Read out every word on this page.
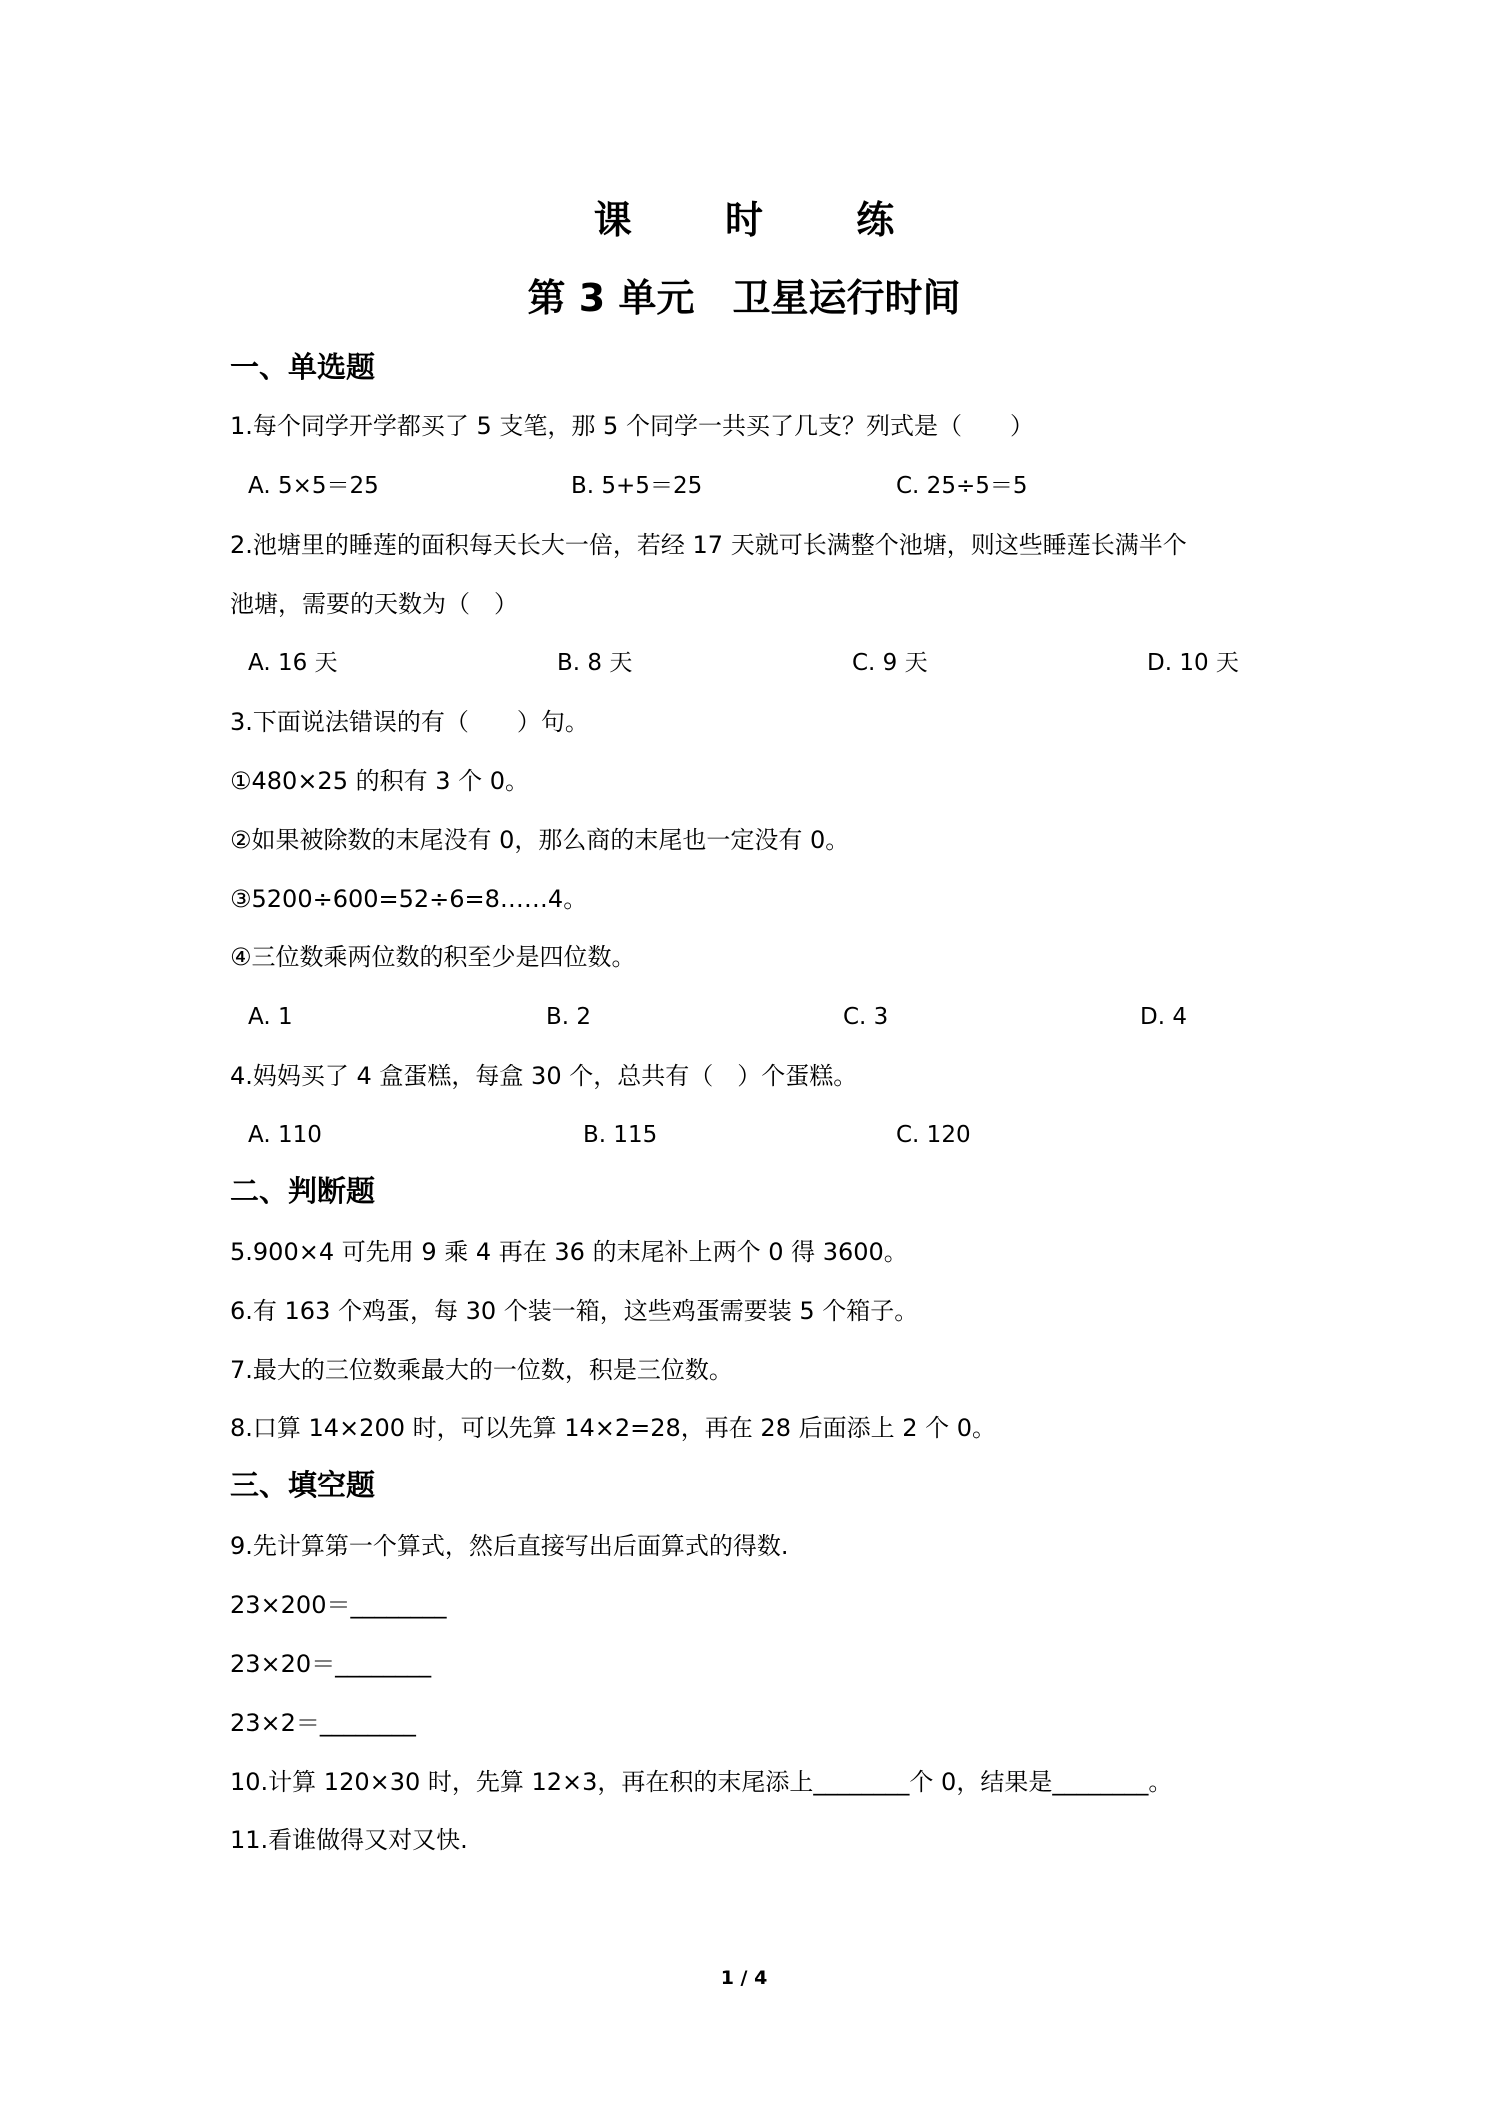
课 时 练
第 3 单元　卫星运行时间
一、单选题
1.每个同学开学都买了 5 支笔，那 5 个同学一共买了几支？列式是（　　）
A. 5×5＝25	B. 5+5＝25	C. 25÷5＝5
2.池塘里的睡莲的面积每天长大一倍，若经 17 天就可长满整个池塘，则这些睡莲长满半个
池塘，需要的天数为（　）
A. 16 天	B. 8 天	C. 9 天	D. 10 天
3.下面说法错误的有（　　）句。
①480×25 的积有 3 个 0。
②如果被除数的末尾没有 0，那么商的末尾也一定没有 0。
③5200÷600=52÷6=8……4。
④三位数乘两位数的积至少是四位数。
A. 1	B. 2	C. 3	D. 4
4.妈妈买了 4 盒蛋糕，每盒 30 个，总共有（　）个蛋糕。
A. 110	B. 115	C. 120
二、判断题
5.900×4 可先用 9 乘 4 再在 36 的末尾补上两个 0 得 3600。
6.有 163 个鸡蛋，每 30 个装一箱，这些鸡蛋需要装 5 个箱子。
7.最大的三位数乘最大的一位数，积是三位数。
8.口算 14×200 时，可以先算 14×2=28，再在 28 后面添上 2 个 0。
三、填空题
9.先计算第一个算式，然后直接写出后面算式的得数.
23×200＝________
23×20＝________
23×2＝________
10.计算 120×30 时，先算 12×3，再在积的末尾添上________个 0，结果是________。
11.看谁做得又对又快.
1 / 4
